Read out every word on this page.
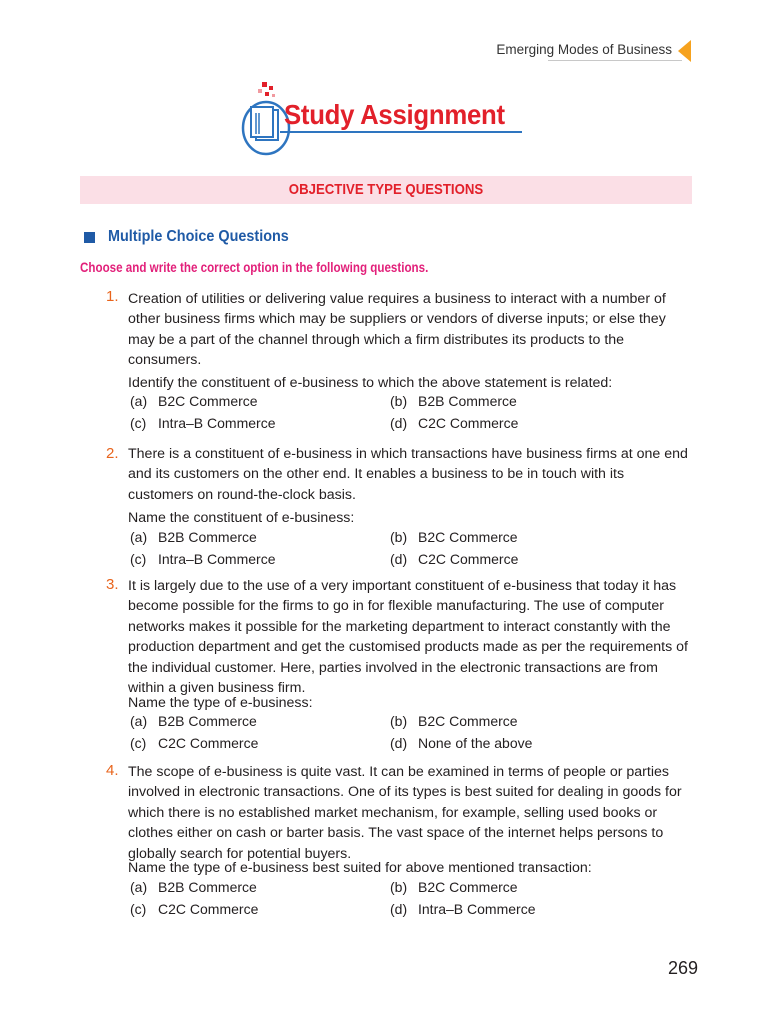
Emerging Modes of Business
Study Assignment
OBJECTIVE TYPE QUESTIONS
Multiple Choice Questions
Choose and write the correct option in the following questions.
1. Creation of utilities or delivering value requires a business to interact with a number of other business firms which may be suppliers or vendors of diverse inputs; or else they may be a part of the channel through which a firm distributes its products to the consumers.
Identify the constituent of e-business to which the above statement is related:
(a) B2C Commerce	(b) B2B Commerce
(c) Intra–B Commerce	(d) C2C Commerce
2. There is a constituent of e-business in which transactions have business firms at one end and its customers on the other end. It enables a business to be in touch with its customers on round-the-clock basis.
Name the constituent of e-business:
(a) B2B Commerce	(b) B2C Commerce
(c) Intra–B Commerce	(d) C2C Commerce
3. It is largely due to the use of a very important constituent of e-business that today it has become possible for the firms to go in for flexible manufacturing. The use of computer networks makes it possible for the marketing department to interact constantly with the production department and get the customised products made as per the requirements of the individual customer. Here, parties involved in the electronic transactions are from within a given business firm.
Name the type of e-business:
(a) B2B Commerce	(b) B2C Commerce
(c) C2C Commerce	(d) None of the above
4. The scope of e-business is quite vast. It can be examined in terms of people or parties involved in electronic transactions. One of its types is best suited for dealing in goods for which there is no established market mechanism, for example, selling used books or clothes either on cash or barter basis. The vast space of the internet helps persons to globally search for potential buyers.
Name the type of e-business best suited for above mentioned transaction:
(a) B2B Commerce	(b) B2C Commerce
(c) C2C Commerce	(d) Intra–B Commerce
269
